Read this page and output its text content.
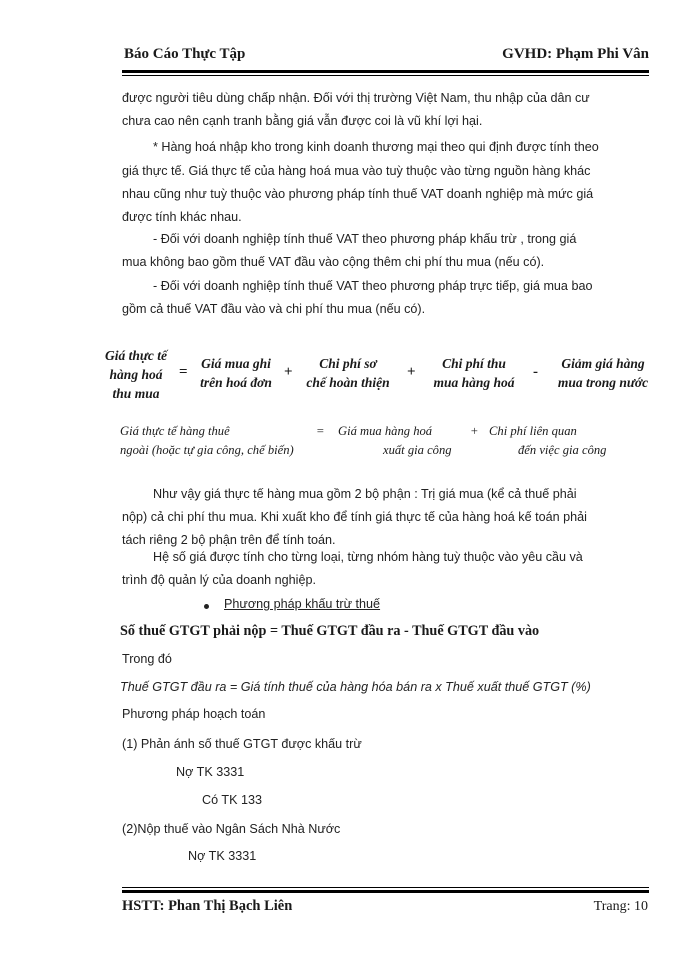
Báo Cáo Thực Tập	GVHD: Phạm Phi Vân
được người tiêu dùng chấp nhận. Đối với thị trường Việt Nam, thu nhập của dân cư
chưa cao nên cạnh tranh bằng giá vẫn được coi là vũ khí lợi hại.
* Hàng hoá nhập kho trong kinh doanh thương mại theo qui định được tính theo
giá thực tế. Giá thực tế của hàng hoá mua vào tuỳ thuộc vào từng nguồn hàng khác
nhau cũng như tuỳ thuộc vào phương pháp tính thuế VAT doanh nghiệp mà mức giá
được tính khác nhau.
- Đối với doanh nghiệp tính thuế VAT theo phương pháp khấu trừ , trong giá
mua không bao gồm thuế VAT đầu vào cộng thêm chi phí thu mua (nếu có).
- Đối với doanh nghiệp tính thuế VAT theo phương pháp trực tiếp, giá mua bao
gồm cả thuế VAT đầu vào và chi phí thu mua (nếu có).
Giá thực tế
hàng hoá
thu mua
=
Giá mua ghi
trên hoá đơn
+
Chi phí sơ
chế hoàn thiện
+
Chi phí thu
mua hàng hoá
-
Giảm giá hàng
mua trong nước
Giá thực tế hàng thuê
ngoài (hoặc tự gia công, chế biến)
= Giá mua hàng hoá
xuất gia công
+ Chi phí liên quan
đến việc gia công
Như vậy giá thực tế hàng mua gồm 2 bộ phận : Trị giá mua (kể cả thuế phải
nộp) cả chi phí thu mua. Khi xuất kho để tính giá thực tế của hàng hoá kế toán phải
tách riêng 2 bộ phận trên để tính toán.
Hệ số giá được tính cho từng loại, từng nhóm hàng tuỳ thuộc vào yêu cầu và
trình độ quản lý của doanh nghiệp.
Phương pháp khấu trừ thuế
Số thuế GTGT phải nộp = Thuế GTGT đầu ra - Thuế GTGT đầu vào
Trong đó
Thuế GTGT đầu ra = Giá tính thuế của hàng hóa bán ra x Thuế xuất thuế GTGT (%)
Phương pháp hoạch toán
(1) Phản ánh số thuế GTGT được khấu trừ
Nợ TK 3331
Có TK 133
(2)Nộp thuế vào Ngân Sách Nhà Nước
Nợ TK 3331
HSTT: Phan Thị Bạch Liên	Trang: 10
